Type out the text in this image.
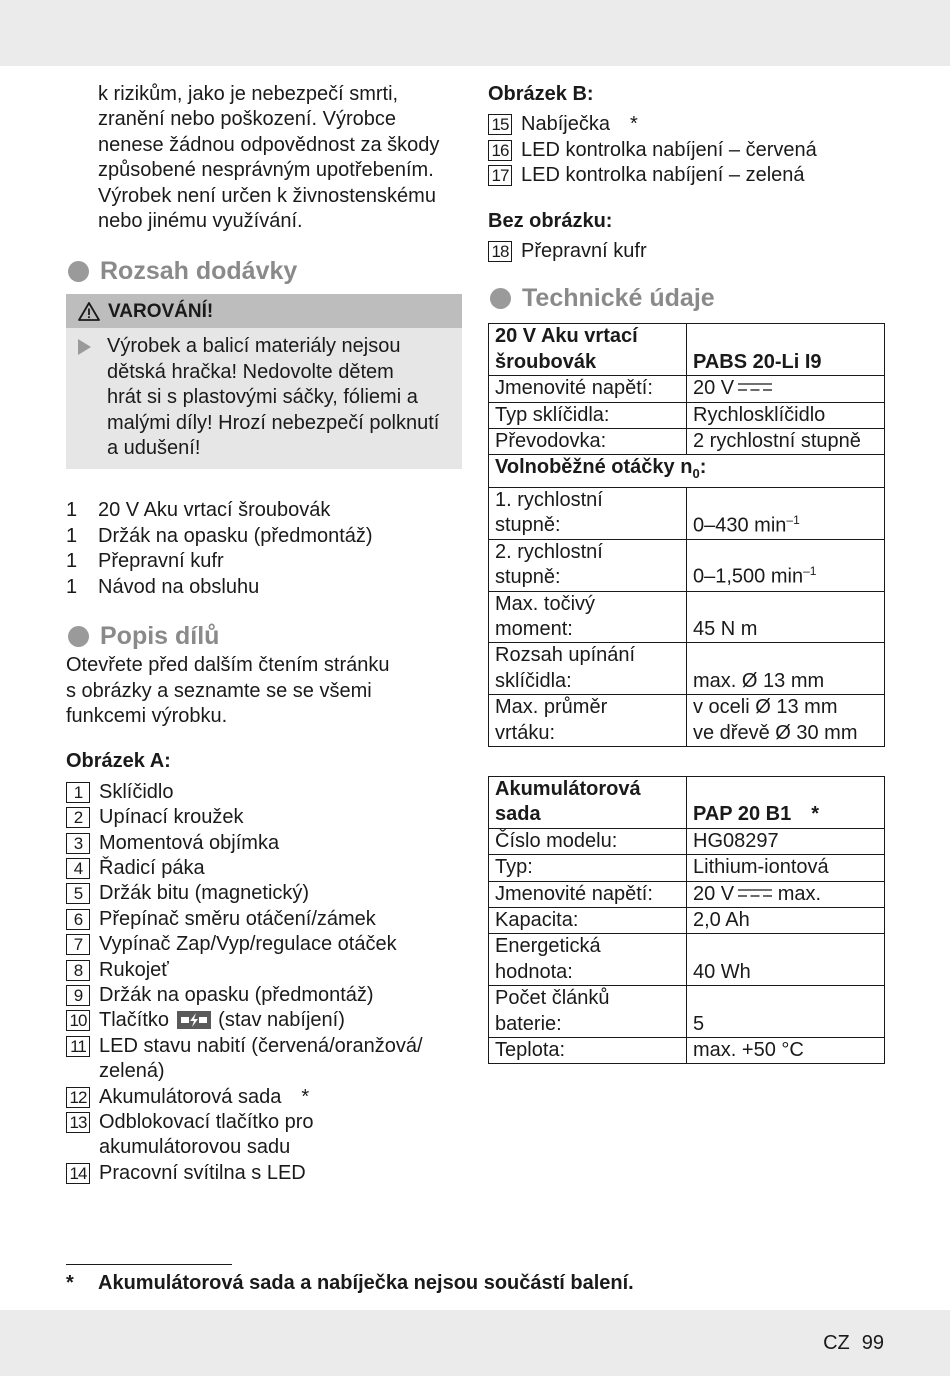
k rizikům, jako je nebezpečí smrti,
zranění nebo poškození. Výrobce
nenese žádnou odpovědnost za škody
způsobené nesprávným upotřebením.
Výrobek není určen k živnostenskému
nebo jinému využívání.
Rozsah dodávky
VAROVÁNÍ!
Výrobek a balicí materiály nejsou
dětská hračka! Nedovolte dětem
hrát si s plastovými sáčky, fóliemi a
malými díly! Hrozí nebezpečí polknutí
a udušení!
1	20 V Aku vrtací šroubovák
1	Držák na opasku (předmontáž)
1	Přepravní kufr
1	Návod na obsluhu
Popis dílů
Otevřete před dalším čtením stránku
s obrázky a seznamte se se všemi
funkcemi výrobku.
Obrázek A:
1 Sklíčidlo
2 Upínací kroužek
3 Momentová objímka
4 Řadicí páka
5 Držák bitu (magnetický)
6 Přepínač směru otáčení/zámek
7 Vypínač Zap/Vyp/regulace otáček
8 Rukojeť
9 Držák na opasku (předmontáž)
10 Tlačítko (stav nabíjení)
11 LED stavu nabití (červená/oranžová/
zelená)
12 Akumulátorová sada *
13 Odblokovací tlačítko pro
akumulátorovou sadu
14 Pracovní svítilna s LED
Obrázek B:
15 Nabíječka *
16 LED kontrolka nabíjení – červená
17 LED kontrolka nabíjení – zelená
Bez obrázku:
18 Přepravní kufr
Technické údaje
20 V Aku vrtací
šroubovák	PABS 20-Li I9
Jmenovité napětí:	20 V
Typ sklíčidla:	Rychlosklíčidlo
Převodovka:	2 rychlostní stupně
Volnoběžné otáčky $n_0$:	
1. rychlostní
stupně:	0–430 $\min^{-1}$
2. rychlostní
stupně:	0–1,500 $\min^{-1}$
Max. točivý
moment:	45 N m
Rozsah upínání
sklíčidla:	max. Ø 13 mm
Max. průměr
vrtáku:	v oceli Ø 13 mm
ve dřevě Ø 30 mm
Akumulátorová
sada	PAP 20 B1 *
Číslo modelu:	HG08297
Typ:	Lithium-iontová
Jmenovité napětí:	20 V max.
Kapacita:	2,0 Ah
Energetická
hodnota:	40 Wh
Počet článků
baterie:	5
Teplota:	max. +50 °C
*	Akumulátorová sada a nabíječka nejsou součástí balení.
CZ 99
